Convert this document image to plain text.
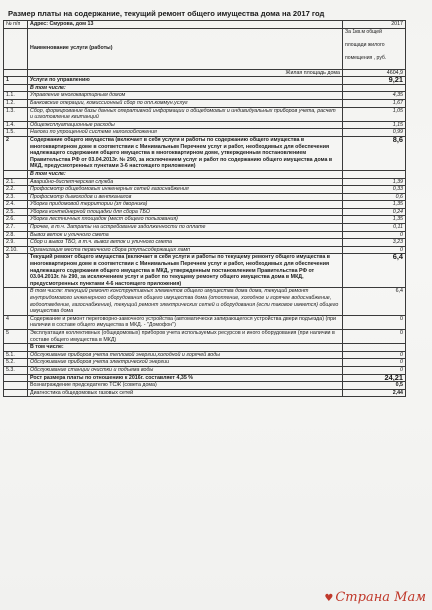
Размер платы на содержание, текущий ремонт общего имущества дома на 2017 год
№ п/п	Адрес: Смурова, дом 13	2017
	Наименование услуги (работы)	За 1кв.м общей
площади жилого
помещения , руб.

	Жилая площадь дома	4604,9
1	Услуги по управлению	9,21
	В том числе:	
1.1.	Управление многоквартирным домом	4,35
1.2.	Банковские операции, комиссионный сбор по опл.коммун.услуг	1,67
1.3.	Сбор, формирование базы данных оперативной информации о общедомовых и индивидуальных приборов учета, расчет и изготовление квитанций	1,05
1.4.	Общеэксплуатационные расходы	1,15
1.5.	Налоги по упрощенной системе налогообложения	0,99
2	Содержание общего имущества (включает в себя услуги и работы по содержанию общего имущества в многоквартирном доме в соответствии с Минимальным Перечнем услуг и работ, необходимых для обеспечения надлежащего содержания общего имущества в многоквартирном доме, утвержденным постановлением Правительства РФ от 03.04.2013г. № 290, за исключением услуг и работ по содержанию общего имущества дома в МКД, предусмотренных пунктами 3-6 настоящего приложения)	8,6
	В том числе:	
2.1.	Аварийно-диспетчерская служба	1,39
2.2.	Профосмотр общедомовых инженерных сетей газоснабжения	0,33
2.3.	Профосмотр дымоходов и вентканалов	0,6
2.4.	Уборка придомовой территории (зп дворника)	1,35
2.5.	Уборка контейнерной площадки для сбора ТБО	0,24
2.6.	Уборка лестничных площадок (мест общего пользования)	1,35
2.7.	Прочее, в т.ч. Затраты на истребование задолженности по оплате	0,11
2.8.	Вывоз веток и уличного смета	0
2.9.	Сбор и вывоз ТБО, в т.ч. вывоз веток и уличного смета	3,23
2.10.	Организация места первичного сбора ртутьсодержащих ламп	0
3	Текущий ремонт общего имущества (включает в себя услуги и работы по текущему ремонту общего имущества в многоквартирном доме в соответствии с Минимальным Перечнем услуг и работ, необходимых для обеспечения надлежащего содержания общего имущества в МКД, утвержденным постановлением Правительства РФ от 03.04.2013г. № 290, за исключением услуг и работ по текущему ремонту общего имущества дома в МКД, предусмотренных пунктами 4-6 настоящего приложения)	6,4
	В том числе: текущий ремонт конструктивных элементов общего имущества дома дома, текущий ремонт внутридомового инженерного оборудования общего имущества дома (отопление, холодное и горячее водоснабжение, водоотведение, газоснабжение), текущий ремонт электрических сетей и оборудования (если таковое имеется) общего имущества дома	6,4
4	Содержание и ремонт переговорно-замочного устройства (автоматически запирающегося устройства двери подъезда) (при наличии в составе общего имущества в МКД. - "Домофон")	0
5	Эксплуатация коллективных (общедомовых) приборов учета используемых ресурсов и иного оборудования (при наличии в составе общего имущества в МКД)	0
	В том числе:	
5.1.	Обслуживание приборов учета тепловой энергии,холодной и горячей воды	0
5.2.	Обслуживание приборов учета электрической энергии	0
5.3.	Обслуживание станции очистки и подъема воды	0
	Рост размера платы по отношению к 2016г. составляет 4,35 %	24,21
	Вознаграждение председателю ТСЖ (совета дома)	0,5
	Диагностика общедомовых газовых сетей	2,44
♥ Страна Мам
